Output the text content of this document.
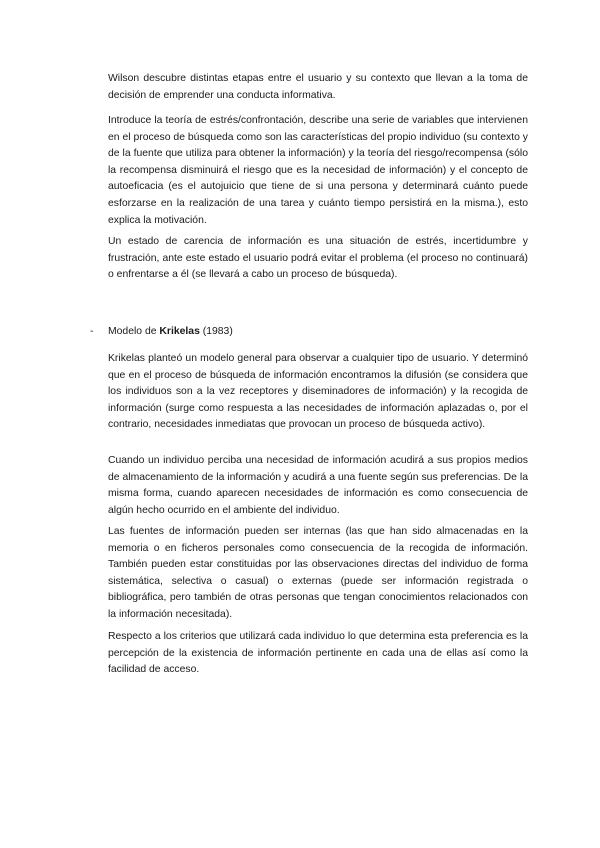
Wilson descubre distintas etapas entre el usuario y su contexto que llevan a la toma de decisión de emprender una conducta informativa.

Introduce la teoría de estrés/confrontación, describe una serie de variables que intervienen en el proceso de búsqueda como son las características del propio individuo (su contexto y de la fuente que utiliza para obtener la información) y la teoría del riesgo/recompensa (sólo la recompensa disminuirá el riesgo que es la necesidad de información) y el concepto de autoeficacia (es el autojuicio que tiene de si una persona y determinará cuánto puede esforzarse en la realización de una tarea y cuánto tiempo persistirá en la misma.), esto explica la motivación.

Un estado de carencia de información es una situación de estrés, incertidumbre y frustración, ante este estado el usuario podrá evitar el problema (el proceso no continuará) o enfrentarse a él (se llevará a cabo un proceso de búsqueda).

- Modelo de Krikelas (1983)

Krikelas planteó un modelo general para observar a cualquier tipo de usuario. Y determinó que en el proceso de búsqueda de información encontramos la difusión (se considera que los individuos son a la vez receptores y diseminadores de información) y la recogida de información (surge como respuesta a las necesidades de información aplazadas o, por el contrario, necesidades inmediatas que provocan un proceso de búsqueda activo).

Cuando un individuo perciba una necesidad de información acudirá a sus propios medios de almacenamiento de la información y acudirá a una fuente según sus preferencias. De la misma forma, cuando aparecen necesidades de información es como consecuencia de algún hecho ocurrido en el ambiente del individuo.

Las fuentes de información pueden ser internas (las que han sido almacenadas en la memoria o en ficheros personales como consecuencia de la recogida de información. También pueden estar constituidas por las observaciones directas del individuo de forma sistemática, selectiva o casual) o externas (puede ser información registrada o bibliográfica, pero también de otras personas que tengan conocimientos relacionados con la información necesitada).

Respecto a los criterios que utilizará cada individuo lo que determina esta preferencia es la percepción de la existencia de información pertinente en cada una de ellas así como la facilidad de acceso.
